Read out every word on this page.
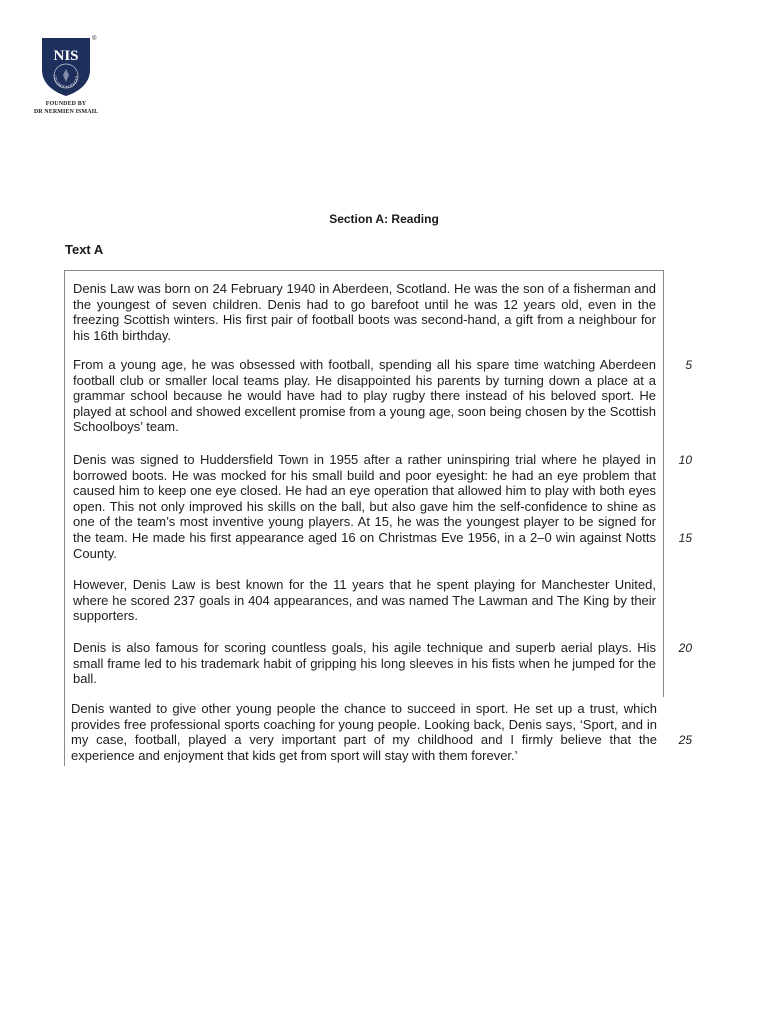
NIS
CELLENCE IN EDUCATI
®
FOUNDED BY
DR NERMIEN ISMAIL
Section A: Reading
Text A

Denis Law was born on 24 February 1940 in Aberdeen, Scotland. He was the son of a fisherman and the youngest of seven children. Denis had to go barefoot until he was 12 years old, even in the freezing Scottish winters. His first pair of football boots was second-hand, a gift from a neighbour for his 16th birthday.

From a young age, he was obsessed with football, spending all his spare time watching Aberdeen football club or smaller local teams play. He disappointed his parents by turning down a place at a grammar school because he would have had to play rugby there instead of his beloved sport. He played at school and showed excellent promise from a young age, soon being chosen by the Scottish Schoolboys’ team.

Denis was signed to Huddersfield Town in 1955 after a rather uninspiring trial where he played in borrowed boots. He was mocked for his small build and poor eyesight: he had an eye problem that caused him to keep one eye closed. He had an eye operation that allowed him to play with both eyes open. This not only improved his skills on the ball, but also gave him the self-confidence to shine as one of the team’s most inventive young players. At 15, he was the youngest player to be signed for the team. He made his first appearance aged 16 on Christmas Eve 1956, in a 2–0 win against Notts County.

However, Denis Law is best known for the 11 years that he spent playing for Manchester United, where he scored 237 goals in 404 appearances, and was named The Lawman and The King by their supporters.

Denis is also famous for scoring countless goals, his agile technique and superb aerial plays. His small frame led to his trademark habit of gripping his long sleeves in his fists when he jumped for the ball.

Denis wanted to give other young people the chance to succeed in sport. He set up a trust, which provides free professional sports coaching for young people. Looking back, Denis says, ‘Sport, and in my case, football, played a very important part of my childhood and I firmly believe that the experience and enjoyment that kids get from sport will stay with them forever.’

5
10
15
20
25
